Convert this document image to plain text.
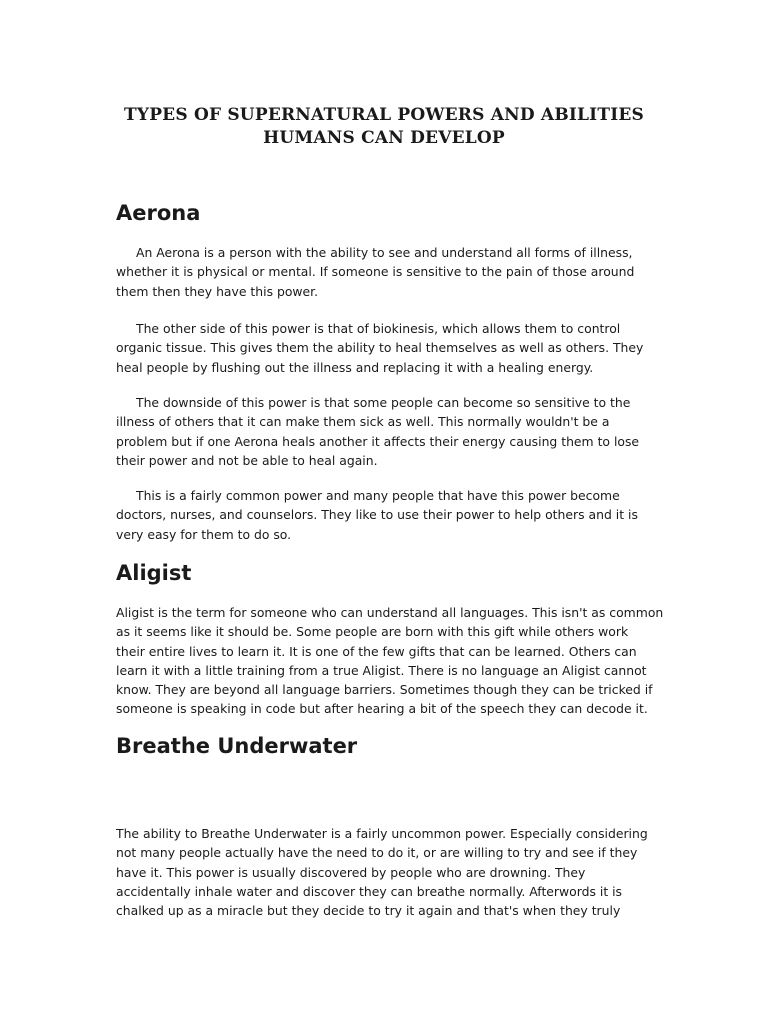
TYPES OF SUPERNATURAL POWERS AND ABILITIES
HUMANS CAN DEVELOP
Aerona

An Aerona is a person with the ability to see and understand all forms of illness,
whether it is physical or mental. If someone is sensitive to the pain of those around
them then they have this power.

The other side of this power is that of biokinesis, which allows them to control
organic tissue. This gives them the ability to heal themselves as well as others. They
heal people by flushing out the illness and replacing it with a healing energy.

The downside of this power is that some people can become so sensitive to the
illness of others that it can make them sick as well. This normally wouldn't be a
problem but if one Aerona heals another it affects their energy causing them to lose
their power and not be able to heal again.

This is a fairly common power and many people that have this power become
doctors, nurses, and counselors. They like to use their power to help others and it is
very easy for them to do so.

Aligist

Aligist is the term for someone who can understand all languages. This isn't as common
as it seems like it should be. Some people are born with this gift while others work
their entire lives to learn it. It is one of the few gifts that can be learned. Others can
learn it with a little training from a true Aligist. There is no language an Aligist cannot
know. They are beyond all language barriers. Sometimes though they can be tricked if
someone is speaking in code but after hearing a bit of the speech they can decode it.

Breathe Underwater

The ability to Breathe Underwater is a fairly uncommon power. Especially considering
not many people actually have the need to do it, or are willing to try and see if they
have it. This power is usually discovered by people who are drowning. They
accidentally inhale water and discover they can breathe normally. Afterwords it is
chalked up as a miracle but they decide to try it again and that's when they truly
